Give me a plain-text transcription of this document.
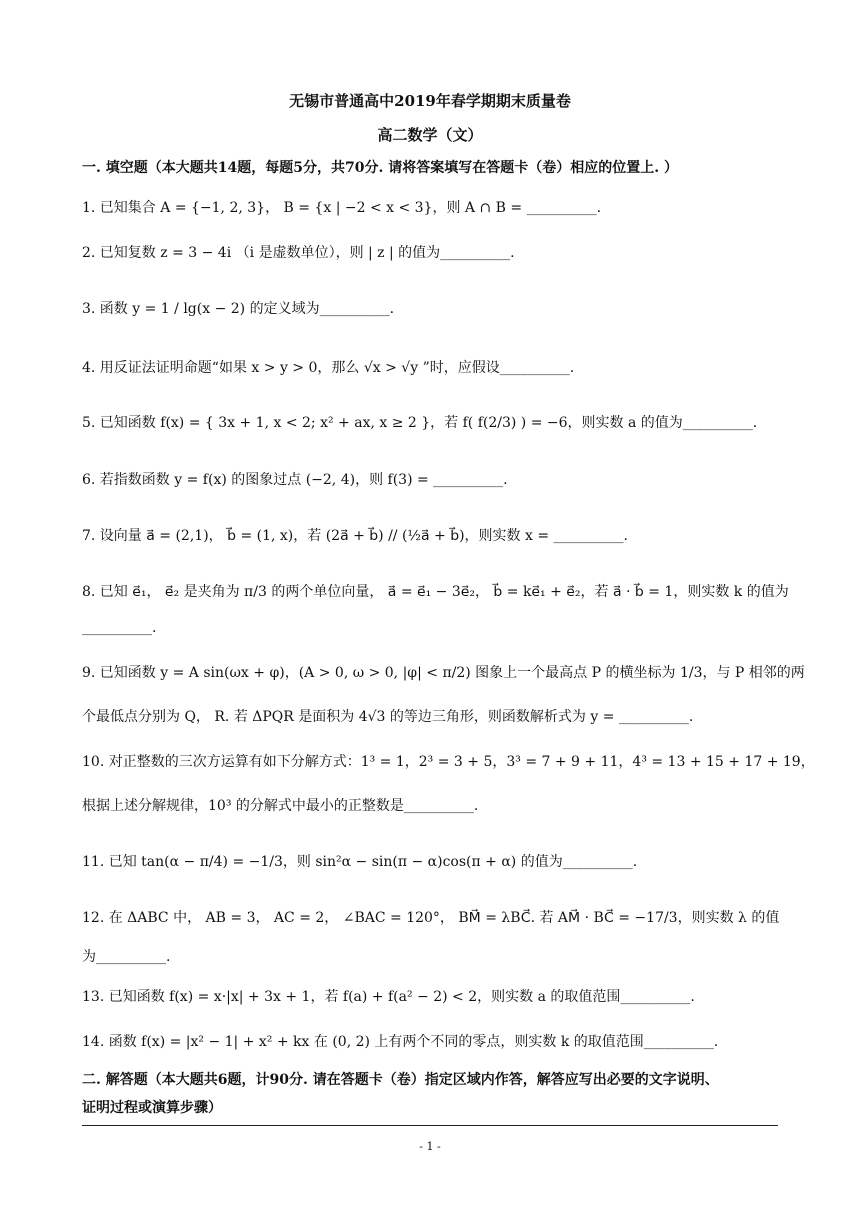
无锡市普通高中2019年春学期期末质量卷
高二数学（文）
一. 填空题（本大题共14题，每题5分，共70分. 请将答案填写在答题卡（卷）相应的位置上. ）
1. 已知集合 A = {−1, 2, 3}， B = {x | −2 < x < 3}，则 A ∩ B = __________.
2. 已知复数 z = 3 − 4i （i 是虚数单位），则 | z | 的值为__________.
3. 函数 y = 1 / lg(x − 2) 的定义域为__________.
4. 用反证法证明命题“如果 x > y > 0，那么 √x > √y ”时，应假设__________.
5. 已知函数 f(x) = { 3x + 1, x < 2; x² + ax, x ≥ 2 }，若 f( f(2/3) ) = −6，则实数 a 的值为__________.
6. 若指数函数 y = f(x) 的图象过点 (−2, 4)，则 f(3) = __________.
7. 设向量 a⃗ = (2,1)， b⃗ = (1, x)，若 (2a⃗ + b⃗) // (½a⃗ + b⃗)，则实数 x = __________.
8. 已知 e⃗₁， e⃗₂ 是夹角为 π/3 的两个单位向量， a⃗ = e⃗₁ − 3e⃗₂， b⃗ = ke⃗₁ + e⃗₂，若 a⃗ · b⃗ = 1，则实数 k 的值为
__________.
9. 已知函数 y = A sin(ωx + φ)，(A > 0, ω > 0, |φ| < π/2) 图象上一个最高点 P 的横坐标为 1/3，与 P 相邻的两
个最低点分别为 Q， R. 若 ΔPQR 是面积为 4√3 的等边三角形，则函数解析式为 y = __________.
10. 对正整数的三次方运算有如下分解方式：1³ = 1，2³ = 3 + 5，3³ = 7 + 9 + 11，4³ = 13 + 15 + 17 + 19，
根据上述分解规律，10³ 的分解式中最小的正整数是__________.
11. 已知 tan(α − π/4) = −1/3，则 sin²α − sin(π − α)cos(π + α) 的值为__________.
12. 在 ΔABC 中， AB = 3， AC = 2， ∠BAC = 120°， BM⃗ = λBC⃗. 若 AM⃗ · BC⃗ = −17/3，则实数 λ 的值
为__________.
13. 已知函数 f(x) = x·|x| + 3x + 1，若 f(a) + f(a² − 2) < 2，则实数 a 的取值范围__________.
14. 函数 f(x) = |x² − 1| + x² + kx 在 (0, 2) 上有两个不同的零点，则实数 k 的取值范围__________.
二. 解答题（本大题共6题，计90分. 请在答题卡（卷）指定区域内作答，解答应写出必要的文字说明、
证明过程或演算步骤）
- 1 -
